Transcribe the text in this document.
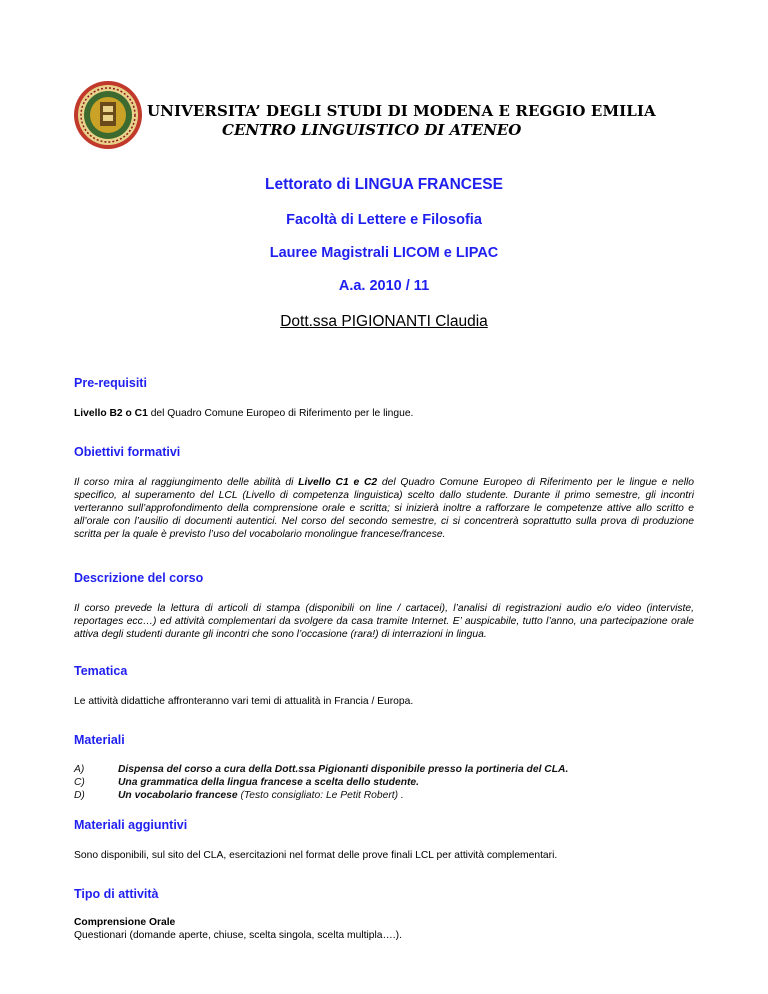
UNIVERSITA’ DEGLI STUDI DI MODENA E REGGIO EMILIA
CENTRO LINGUISTICO DI ATENEO
Lettorato di LINGUA FRANCESE
Facoltà di Lettere e Filosofia
Lauree Magistrali LICOM e LIPAC
A.a. 2010 / 11
Dott.ssa PIGIONANTI Claudia
Pre-requisiti
Livello B2 o C1 del Quadro Comune Europeo di Riferimento per le lingue.
Obiettivi formativi
Il corso mira al raggiungimento delle abilità di Livello C1 e C2 del Quadro Comune Europeo di Riferimento per le lingue e nello specifico, al superamento del LCL (Livello di competenza linguistica) scelto dallo studente. Durante il primo semestre, gli incontri verteranno sull’approfondimento della comprensione orale e scritta; si inizierà inoltre a rafforzare le competenze attive allo scritto e all’orale con l’ausilio di documenti autentici. Nel corso del secondo semestre, ci si concentrerà soprattutto sulla prova di produzione scritta per la quale è previsto l’uso del vocabolario monolingue francese/francese.
Descrizione del corso
Il corso prevede la lettura di articoli di stampa (disponibili on line / cartacei), l’analisi di registrazioni audio e/o video (interviste, reportages ecc…) ed attività complementari da svolgere da casa tramite Internet. E’ auspicabile, tutto l’anno, una partecipazione orale attiva degli studenti durante gli incontri che sono l’occasione (rara!) di interrazioni in lingua.
Tematica
Le attività didattiche affronteranno vari temi di attualità in Francia / Europa.
Materiali
A)	Dispensa del corso a cura della Dott.ssa Pigionanti disponibile presso la portineria del CLA.
C)	Una grammatica della lingua francese a scelta dello studente.
D)	Un vocabolario francese (Testo consigliato: Le Petit Robert) .
Materiali aggiuntivi
Sono disponibili, sul sito del CLA, esercitazioni nel format delle prove finali LCL per attività complementari.
Tipo di attività
Comprensione Orale
Questionari (domande aperte, chiuse, scelta singola, scelta multipla….).
